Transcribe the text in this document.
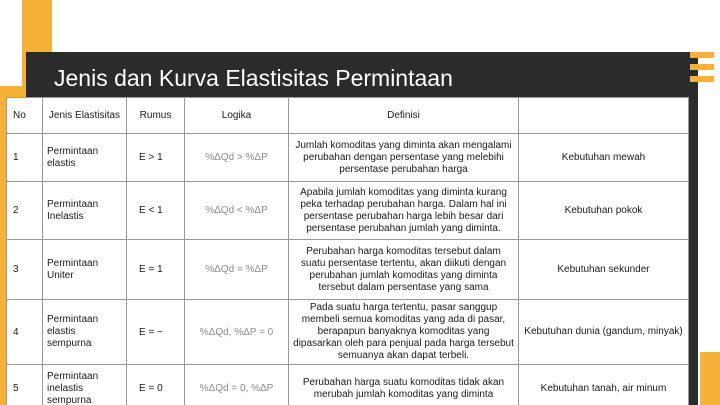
Jenis dan Kurva Elastisitas Permintaan
No	Jenis Elastisitas	Rumus	Logika	Definisi	
1	Permintaan elastis	E > 1	%ΔQd > %ΔP	Jumlah komoditas yang diminta akan mengalami perubahan dengan persentase yang melebihi persentase perubahan harga	Kebutuhan mewah
2	Permintaan Inelastis	E < 1	%ΔQd < %ΔP	Apabila jumlah komoditas yang diminta kurang peka terhadap perubahan harga. Dalam hal ini persentase perubahan harga lebih besar dari persentase perubahan jumlah yang diminta.	Kebutuhan pokok
3	Permintaan Uniter	E = 1	%ΔQd = %ΔP	Perubahan harga komoditas tersebut dalam suatu persentase tertentu, akan diikuti dengan perubahan jumlah komoditas yang diminta tersebut dalam persentase yang sama	Kebutuhan sekunder
4	Permintaan elastis sempurna	E = ~	%ΔQd, %ΔP = 0	Pada suatu harga tertentu, pasar sanggup membeli semua komoditas yang ada di pasar, berapapun banyaknya komoditas yang dipasarkan oleh para penjual pada harga tersebut semuanya akan dapat terbeli.	Kebutuhan dunia (gandum, minyak)
5	Permintaan inelastis sempurna	E = 0	%ΔQd = 0, %ΔP	Perubahan harga suatu komoditas tidak akan merubah jumlah komoditas yang diminta	Kebutuhan tanah, air minum
